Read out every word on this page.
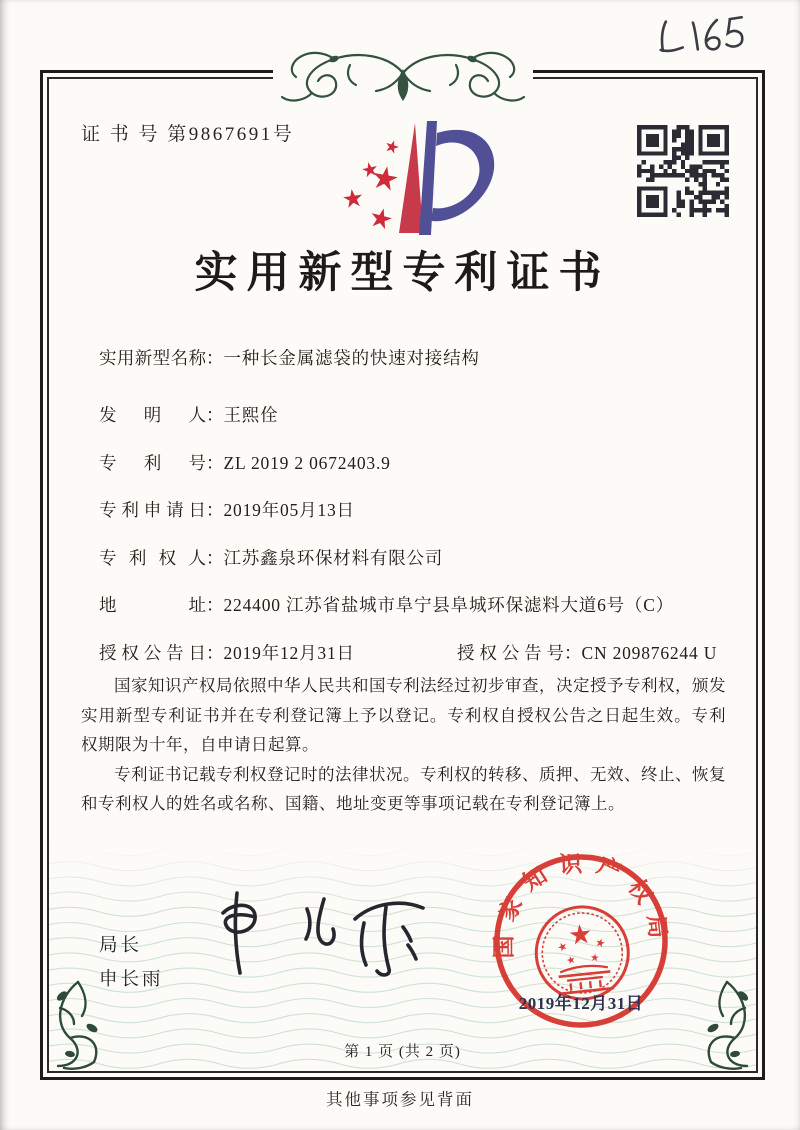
证 书 号 第9867691号
实用新型专利证书
实 用 新 型 名 称 ：一种长金属滤袋的快速对接结构
发 明 人 ：王熙佺
专 利 号 ：ZL 2019 2 0672403.9
专 利 申 请 日 ：2019年05月13日
专 利 权 人 ：江苏鑫泉环保材料有限公司
地	址 ：224400 江苏省盐城市阜宁县阜城环保滤料大道6号（C）
授 权 公 告 日 ：2019年12月31日	授 权 公 告 号 ：CN 209876244 U

国家知识产权局依照中华人民共和国专利法经过初步审查，决定授予专利权，颁发实用新型专利证书并在专利登记簿上予以登记。专利权自授权公告之日起生效。专利权期限为十年，自申请日起算。

专利证书记载专利权登记时的法律状况。专利权的转移、质押、无效、终止、恢复和专利权人的姓名或名称、国籍、地址变更等事项记载在专利登记簿上。

局长
申长雨
国家知识产权局
2019年12月31日
第 1 页 (共 2 页)
其他事项参见背面
